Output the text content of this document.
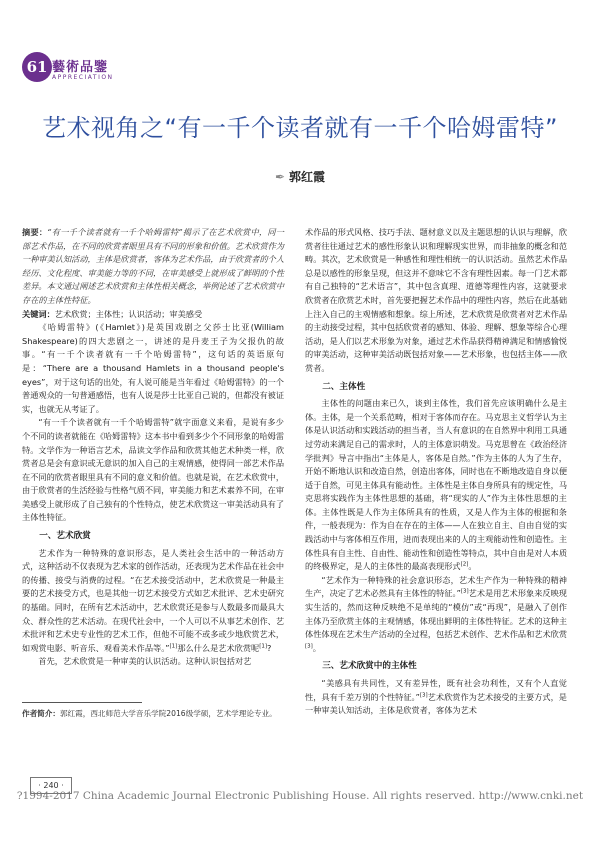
61 藝術品鑒
APPRECIATION
艺术视角之“有一千个读者就有一千个哈姆雷特”
✒ 郭红霞

摘要：“有一千个读者就有一千个哈姆雷特”揭示了在艺术欣赏中，同一部艺术作品，在不同的欣赏者眼里具有不同的形象和价值。艺术欣赏作为一种审美认知活动，主体是欣赏者，客体为艺术作品，由于欣赏者的个人经历、文化程度、审美能力等的不同，在审美感受上就形成了鲜明的个性差异。本文通过阐述艺术欣赏和主体性相关概念，举例论述了艺术欣赏中存在的主体性特征。

关键词：艺术欣赏；主体性；认识活动；审美感受

《哈姆雷特》(《Hamlet》)是英国戏剧之父莎士比亚(William Shakespeare)的四大悲剧之一，讲述的是丹麦王子为父报仇的故事。“有一千个读者就有一千个哈姆雷特”，这句话的英语原句是：“There are a thousand Hamlets in a thousand people's eyes”，对于这句话的出处，有人说可能是当年看过《哈姆雷特》的一个普通观众的一句普通感悟，也有人说是莎士比亚自己说的，但都没有被证实，也就无从考证了。

“有一千个读者就有一千个哈姆雷特”就字面意义来看，是说有多少个不同的读者就能在《哈姆雷特》这本书中看到多少个不同形象的哈姆雷特。文学作为一种语言艺术，品读文学作品和欣赏其他艺术种类一样，欣赏者总是会有意识或无意识的加入自己的主观情感，使得同一部艺术作品在不同的欣赏者眼里具有不同的意义和价值。也就是说，在艺术欣赏中，由于欣赏者的生活经验与性格气质不同，审美能力和艺术素养不同，在审美感受上就形成了自己独有的个性特点，使艺术欣赏这一审美活动具有了主体性特征。

一、艺术欣赏

艺术作为一种特殊的意识形态，是人类社会生活中的一种活动方式，这种活动不仅表现为艺术家的创作活动，还表现为艺术作品在社会中的传播、接受与消费的过程。“在艺术接受活动中，艺术欣赏是一种最主要的艺术接受方式，也是其他一切艺术接受方式如艺术批评、艺术史研究的基础。同时，在所有艺术活动中，艺术欣赏还是参与人数最多而最具大众、群众性的艺术活动。在现代社会中，一个人可以不从事艺术创作、艺术批评和艺术史专业性的艺术工作，但他不可能不或多或少地欣赏艺术，如观赏电影、听音乐、观看美术作品等。”[1]那么什么是艺术欣赏呢[1]?

首先，艺术欣赏是一种审美的认识活动。这种认识包括对艺

术作品的形式风格、技巧手法、题材意义以及主题思想的认识与理解，欣赏者往往通过艺术的感性形象认识和理解现实世界，而非抽象的概念和范畴。其次，艺术欣赏是一种感性和理性相统一的认识活动。虽然艺术作品总是以感性的形象呈现，但这并不意味它不含有理性因素。每一门艺术都有自己独特的“艺术语言”，其中包含真理、道德等理性内容，这就要求欣赏者在欣赏艺术时，首先要把握艺术作品中的理性内容，然后在此基础上注入自己的主观情感和想象。综上所述，艺术欣赏是欣赏者对艺术作品的主动接受过程，其中包括欣赏者的感知、体验、理解、想象等综合心理活动，是人们以艺术形象为对象，通过艺术作品获得精神满足和情感愉悦的审美活动，这种审美活动既包括对象——艺术形象，也包括主体——欣赏者。

二、主体性

主体性的问题由来已久，谈到主体性，我们首先应该明确什么是主体。主体，是一个关系范畴，相对于客体而存在。马克思主义哲学认为主体是认识活动和实践活动的担当者，当人有意识的在自然界中利用工具通过劳动来满足自己的需求时，人的主体意识萌发。马克思曾在《政治经济学批判》导言中指出“主体是人，客体是自然。”作为主体的人为了生存，开始不断地认识和改造自然，创造出客体，同时也在不断地改造自身以便适于自然，可见主体具有能动性。主体性是主体自身所具有的规定性，马克思将实践作为主体性思想的基础，将“现实的人”作为主体性思想的主体。主体性既是人作为主体所具有的性质，又是人作为主体的根据和条件，一般表现为：作为自在存在的主体——人在独立自主、自由自觉的实践活动中与客体相互作用，进而表现出来的人的主观能动性和创造性。主体性具有自主性、自由性、能动性和创造性等特点，其中自由是对人本质的终极界定，是人的主体性的最高表现形式[2]。

“艺术作为一种特殊的社会意识形态，艺术生产作为一种特殊的精神生产，决定了艺术必然具有主体性的特征。”[3]艺术是用艺术形象来反映现实生活的，然而这种反映绝不是单纯的“模仿”或“再现”，是融入了创作主体乃至欣赏主体的主观情感，体现出鲜明的主体性特征。艺术的这种主体性体现在艺术生产活动的全过程，包括艺术创作、艺术作品和艺术欣赏[3]。

三、艺术欣赏中的主体性

“美感具有共同性，又有差异性，既有社会功利性，又有个人直觉性，具有千差万别的个性特征。”[3]艺术欣赏作为艺术接受的主要方式，是一种审美认知活动，主体是欣赏者，客体为艺术

作者简介：郭红霞，西北师范大学音乐学院2016级学硕，艺术学理论专业。
· 240 ·
?1994-2017 China Academic Journal Electronic Publishing House. All rights reserved. http://www.cnki.net
